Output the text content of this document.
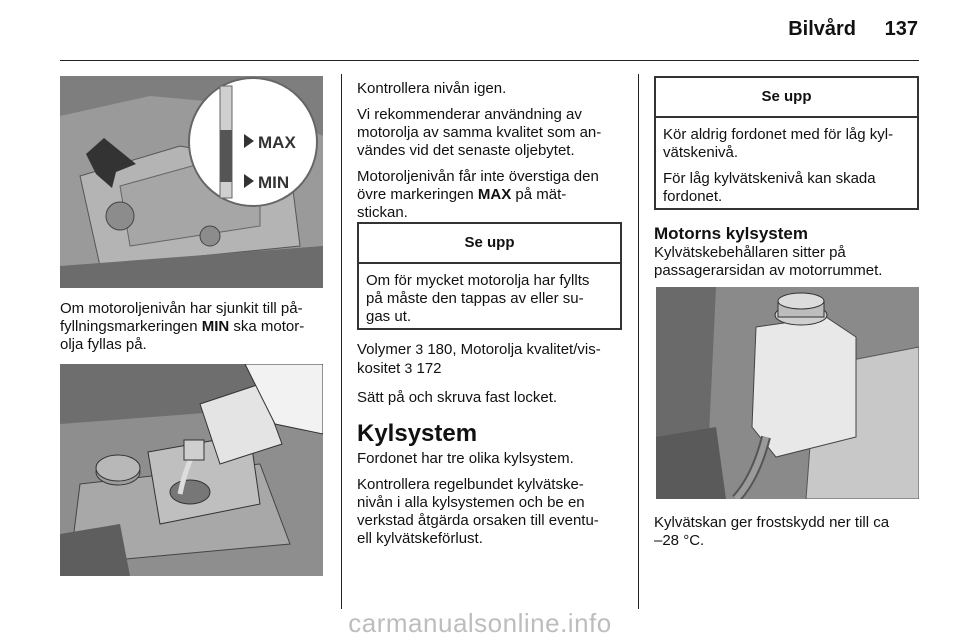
Bilvård	137
MAX
MIN

Om motoroljenivån har sjunkit till på-
fyllningsmarkeringen MIN ska motor-
olja fyllas på.

Kontrollera nivån igen.

Vi rekommenderar användning av
motorolja av samma kvalitet som an-
vändes vid det senaste oljebytet.

Motoroljenivån får inte överstiga den
övre markeringen MAX på mät-
stickan.

Se upp

Om för mycket motorolja har fyllts
på måste den tappas av eller su-
gas ut.

Volymer 3 180, Motorolja kvalitet/vis-
kositet 3 172

Sätt på och skruva fast locket.

Kylsystem

Fordonet har tre olika kylsystem.

Kontrollera regelbundet kylvätske-
nivån i alla kylsystemen och be en
verkstad åtgärda orsaken till eventu-
ell kylvätskeförlust.

Se upp

Kör aldrig fordonet med för låg kyl-
vätskenivå.

För låg kylvätskenivå kan skada
fordonet.

Motorns kylsystem

Kylvätskebehållaren sitter på
passagerarsidan av motorrummet.

Kylvätskan ger frostskydd ner till ca
–28 °C.

carmanualsonline.info
